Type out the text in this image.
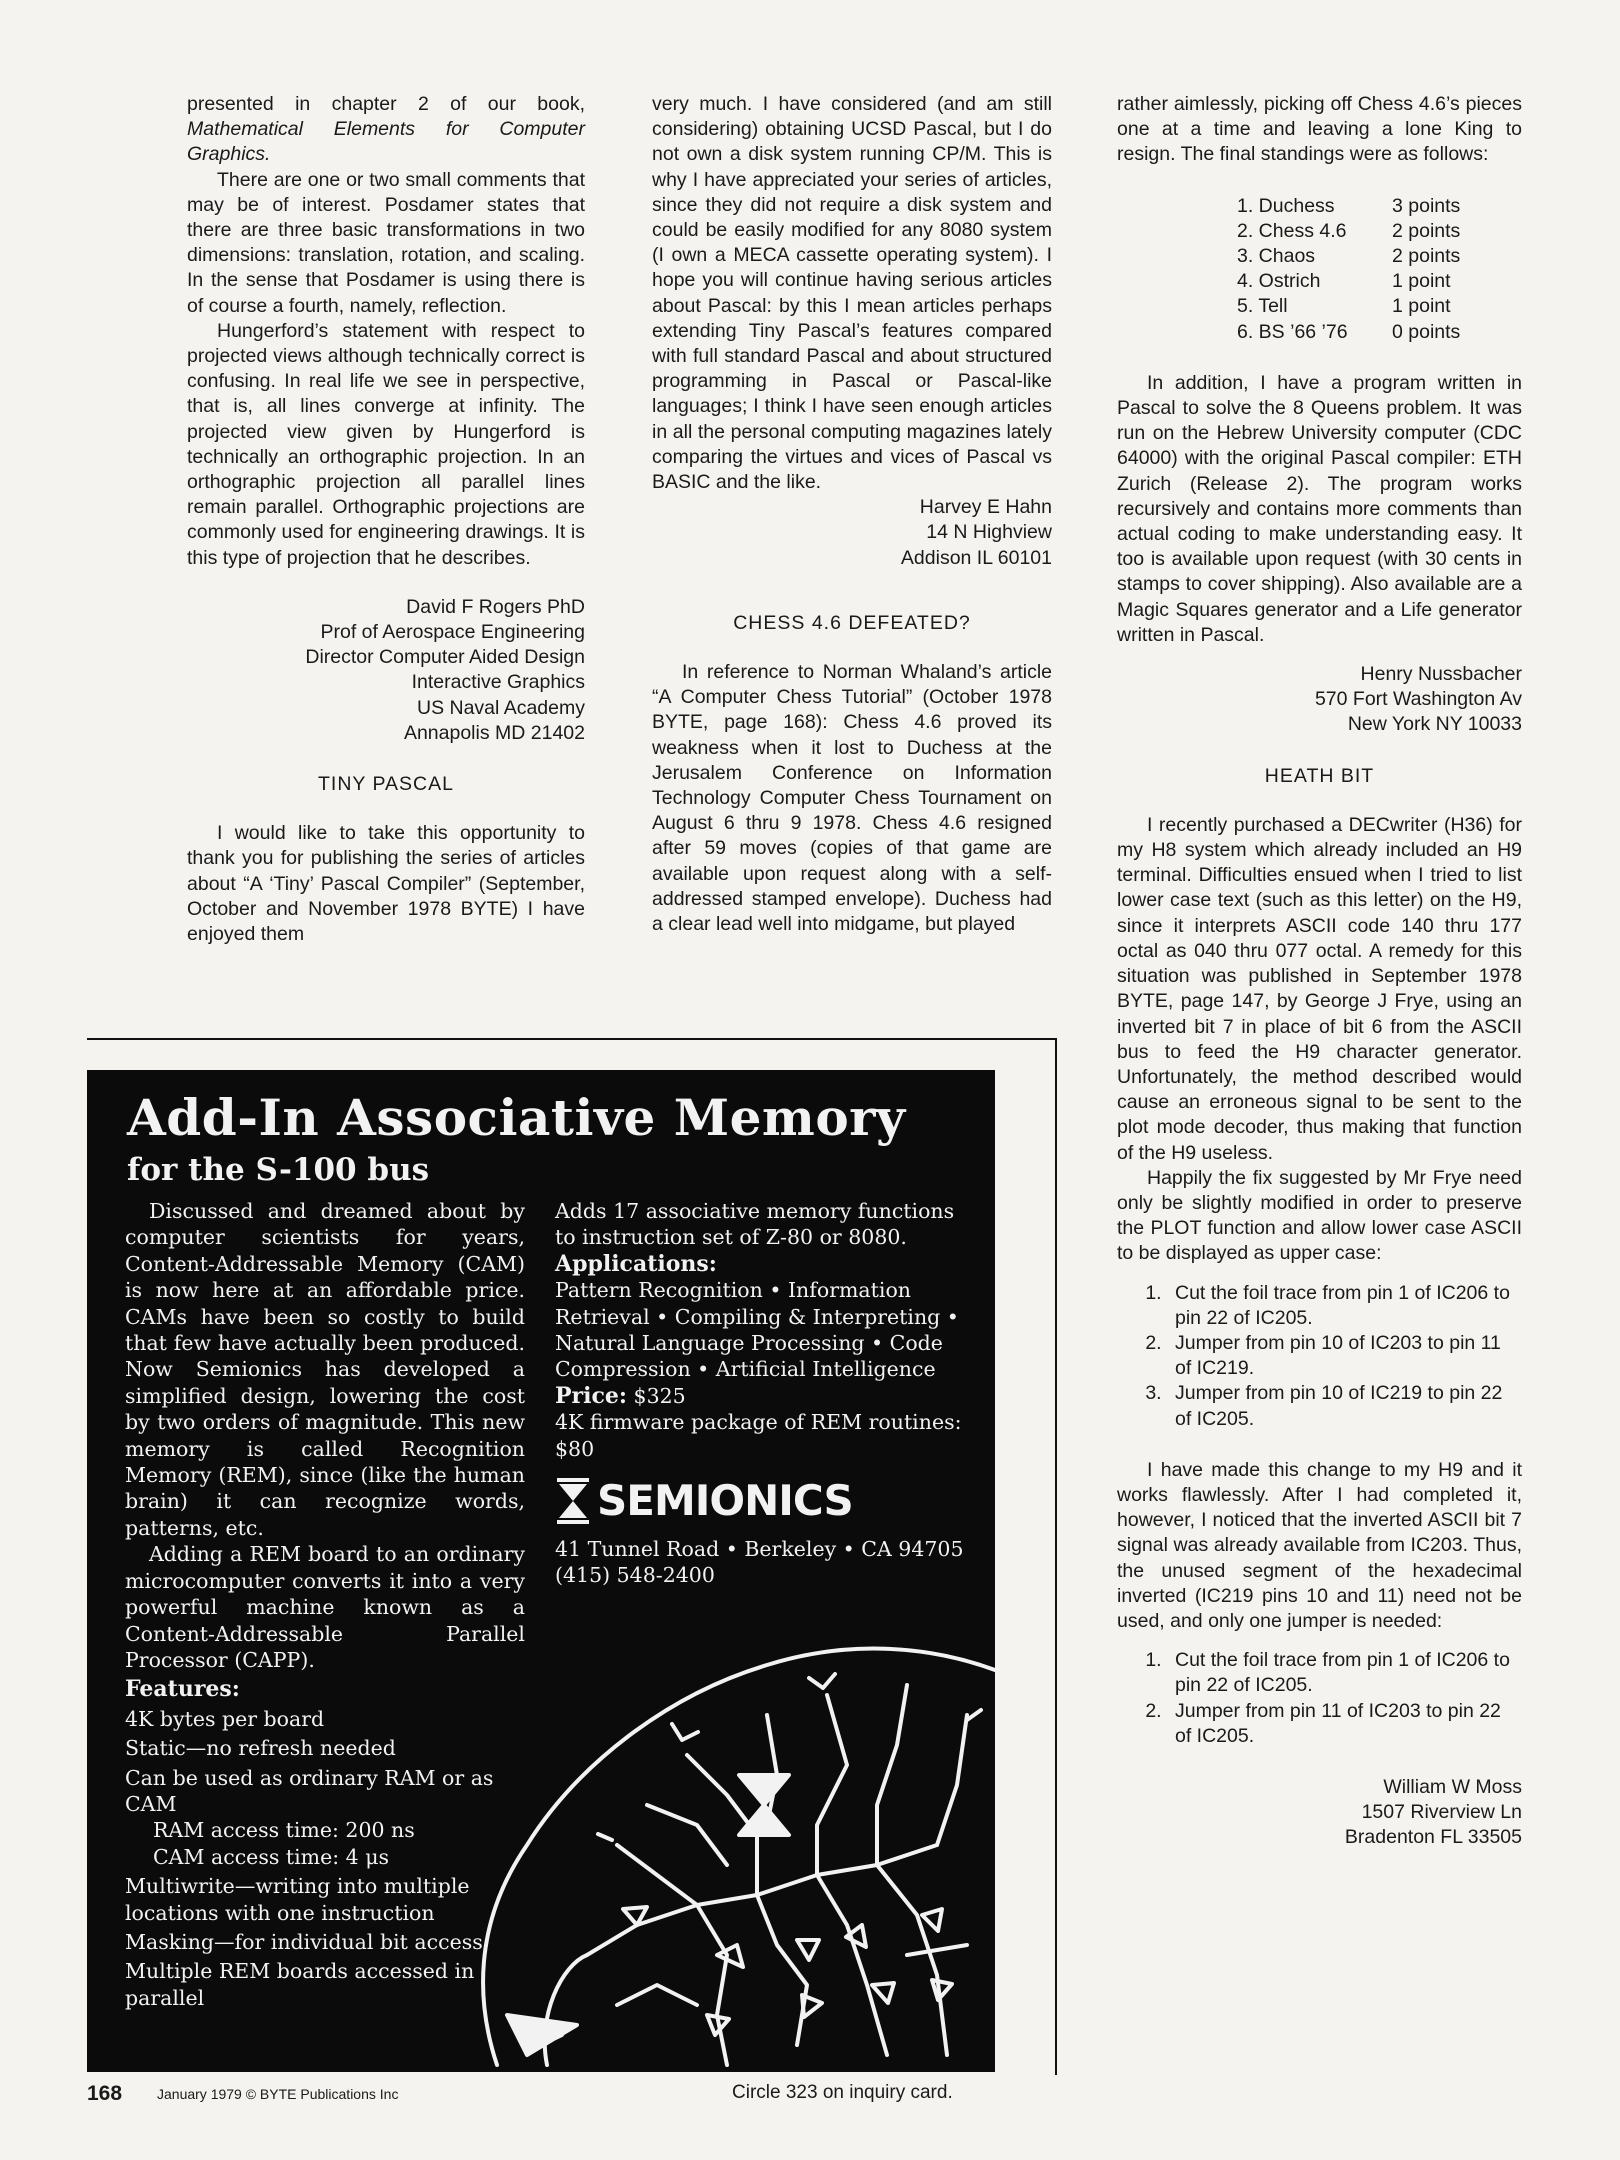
presented in chapter 2 of our book, Mathematical Elements for Computer Graphics.

There are one or two small comments that may be of interest. Posdamer states that there are three basic transformations in two dimensions: translation, rotation, and scaling. In the sense that Posdamer is using there is of course a fourth, namely, reflection.

Hungerford’s statement with respect to projected views although technically correct is confusing. In real life we see in perspective, that is, all lines converge at infinity. The projected view given by Hungerford is technically an orthographic projection. In an orthographic projection all parallel lines remain parallel. Orthographic projections are commonly used for engineering drawings. It is this type of projection that he describes.

David F Rogers PhD
Prof of Aerospace Engineering
Director Computer Aided Design
Interactive Graphics
US Naval Academy
Annapolis MD 21402
TINY PASCAL

I would like to take this opportunity to thank you for publishing the series of articles about “A ‘Tiny’ Pascal Compiler” (September, October and November 1978 BYTE) I have enjoyed them

very much. I have considered (and am still considering) obtaining UCSD Pascal, but I do not own a disk system running CP/M. This is why I have appreciated your series of articles, since they did not require a disk system and could be easily modified for any 8080 system (I own a MECA cassette operating system). I hope you will continue having serious articles about Pascal: by this I mean articles perhaps extending Tiny Pascal’s features compared with full standard Pascal and about structured programming in Pascal or Pascal-like languages; I think I have seen enough articles in all the personal computing magazines lately comparing the virtues and vices of Pascal vs BASIC and the like.

Harvey E Hahn
14 N Highview
Addison IL 60101
CHESS 4.6 DEFEATED?

In reference to Norman Whaland’s article “A Computer Chess Tutorial” (October 1978 BYTE, page 168): Chess 4.6 proved its weakness when it lost to Duchess at the Jerusalem Conference on Information Technology Computer Chess Tournament on August 6 thru 9 1978. Chess 4.6 resigned after 59 moves (copies of that game are available upon request along with a self-addressed stamped envelope). Duchess had a clear lead well into midgame, but played

rather aimlessly, picking off Chess 4.6’s pieces one at a time and leaving a lone King to resign. The final standings were as follows:

1. Duchess	3 points
2. Chess 4.6	2 points
3. Chaos	2 points
4. Ostrich	1 point
5. Tell	1 point
6. BS ’66 ’76	0 points

In addition, I have a program written in Pascal to solve the 8 Queens problem. It was run on the Hebrew University computer (CDC 64000) with the original Pascal compiler: ETH Zurich (Release 2). The program works recursively and contains more comments than actual coding to make understanding easy. It too is available upon request (with 30 cents in stamps to cover shipping). Also available are a Magic Squares generator and a Life generator written in Pascal.

Henry Nussbacher
570 Fort Washington Av
New York NY 10033
HEATH BIT

I recently purchased a DECwriter (H36) for my H8 system which already included an H9 terminal. Difficulties ensued when I tried to list lower case text (such as this letter) on the H9, since it interprets ASCII code 140 thru 177 octal as 040 thru 077 octal. A remedy for this situation was published in September 1978 BYTE, page 147, by George J Frye, using an inverted bit 7 in place of bit 6 from the ASCII bus to feed the H9 character generator. Unfortunately, the method described would cause an erroneous signal to be sent to the plot mode decoder, thus making that function of the H9 useless.

Happily the fix suggested by Mr Frye need only be slightly modified in order to preserve the PLOT function and allow lower case ASCII to be displayed as upper case:

1. Cut the foil trace from pin 1 of IC206 to pin 22 of IC205.
2. Jumper from pin 10 of IC203 to pin 11 of IC219.
3. Jumper from pin 10 of IC219 to pin 22 of IC205.

I have made this change to my H9 and it works flawlessly. After I had completed it, however, I noticed that the inverted ASCII bit 7 signal was already available from IC203. Thus, the unused segment of the hexadecimal inverted (IC219 pins 10 and 11) need not be used, and only one jumper is needed:

1. Cut the foil trace from pin 1 of IC206 to pin 22 of IC205.
2. Jumper from pin 11 of IC203 to pin 22 of IC205.
William W Moss
1507 Riverview Ln
Bradenton FL 33505
Add-In Associative Memory
for the S-100 bus

Discussed and dreamed about by computer scientists for years, Content-Addressable Memory (CAM) is now here at an affordable price. CAMs have been so costly to build that few have actually been produced. Now Semionics has developed a simplified design, lowering the cost by two orders of magnitude. This new memory is called Recognition Memory (REM), since (like the human brain) it can recognize words, patterns, etc.

Adding a REM board to an ordinary microcomputer converts it into a very powerful machine known as a Content-Addressable Parallel Processor (CAPP).

Features:

4K bytes per board

Static—no refresh needed

Can be used as ordinary RAM or as CAM

RAM access time: 200 ns

CAM access time: 4 μs

Multiwrite—writing into multiple locations with one instruction

Masking—for individual bit access

Multiple REM boards accessed in parallel

Adds 17 associative memory functions to instruction set of Z-80 or 8080.

Applications:

Pattern Recognition • Information Retrieval • Compiling & Interpreting • Natural Language Processing • Code Compression • Artificial Intelligence

Price: $325

4K firmware package of REM routines: $80

SEMIONICS

41 Tunnel Road • Berkeley • CA 94705

(415) 548-2400

168 January 1979 © BYTE Publications Inc	Circle 323 on inquiry card.
